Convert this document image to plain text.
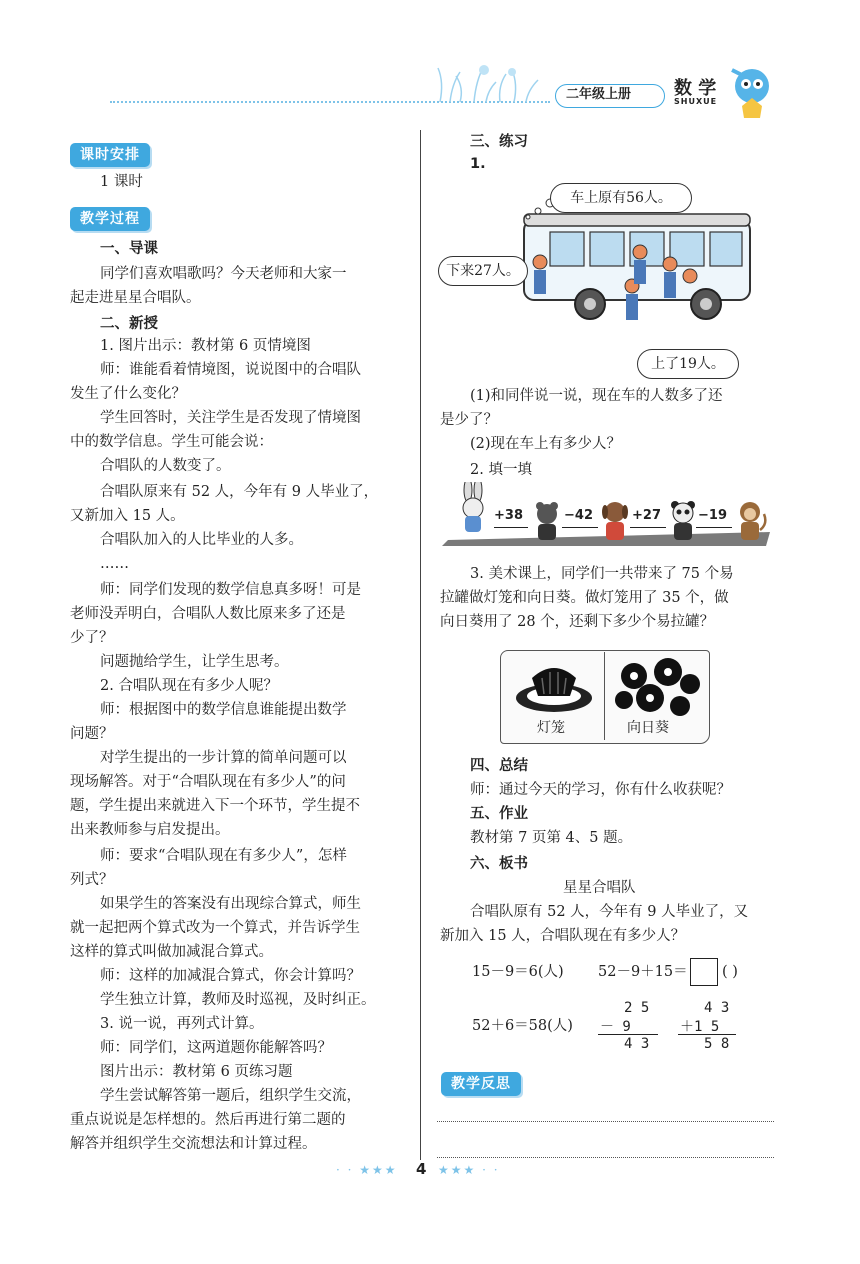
二年级上册 数 学
SHUXUE
课时安排

1 课时

教学过程

一、导课

同学们喜欢唱歌吗？今天老师和大家一

起走进星星合唱队。

二、新授

1. 图片出示：教材第 6 页情境图

师：谁能看着情境图，说说图中的合唱队

发生了什么变化？

学生回答时，关注学生是否发现了情境图

中的数学信息。学生可能会说：

合唱队的人数变了。

合唱队原来有 52 人，今年有 9 人毕业了，

又新加入 15 人。

合唱队加入的人比毕业的人多。

……

师：同学们发现的数学信息真多呀！可是

老师没弄明白，合唱队人数比原来多了还是

少了？

问题抛给学生，让学生思考。

2. 合唱队现在有多少人呢？

师：根据图中的数学信息谁能提出数学

问题？

对学生提出的一步计算的简单问题可以

现场解答。对于“合唱队现在有多少人”的问

题，学生提出来就进入下一个环节，学生提不

出来教师参与启发提出。

师：要求“合唱队现在有多少人”，怎样

列式？

如果学生的答案没有出现综合算式，师生

就一起把两个算式改为一个算式，并告诉学生

这样的算式叫做加减混合算式。

师：这样的加减混合算式，你会计算吗？

学生独立计算，教师及时巡视，及时纠正。

3. 说一说，再列式计算。

师：同学们，这两道题你能解答吗？

图片出示：教材第 6 页练习题

学生尝试解答第一题后，组织学生交流，

重点说说是怎样想的。然后再进行第二题的

解答并组织学生交流想法和计算过程。

三、练习

1.

车上原有56人。
下来27人。
上了19人。

(1)和同伴说一说，现在车的人数多了还

是少了？

(2)现在车上有多少人？

2. 填一填

+38	−42	+27	−19

3. 美术课上，同学们一共带来了 75 个易

拉罐做灯笼和向日葵。做灯笼用了 35 个，做

向日葵用了 28 个，还剩下多少个易拉罐？

灯笼	向日葵

四、总结

师：通过今天的学习，你有什么收获呢？

五、作业

教材第 7 页第 4、5 题。

六、板书

星星合唱队

合唱队原有 52 人，今年有 9 人毕业了，又

新加入 15 人，合唱队现在有多少人？

15－9＝6(人) 52－9＋15＝ ( )

52＋6＝58(人)

2 5
－ 9
4 3
4 3
＋1 5
5 8
教学反思
· · ★★★ 4 ★★★ · ·
